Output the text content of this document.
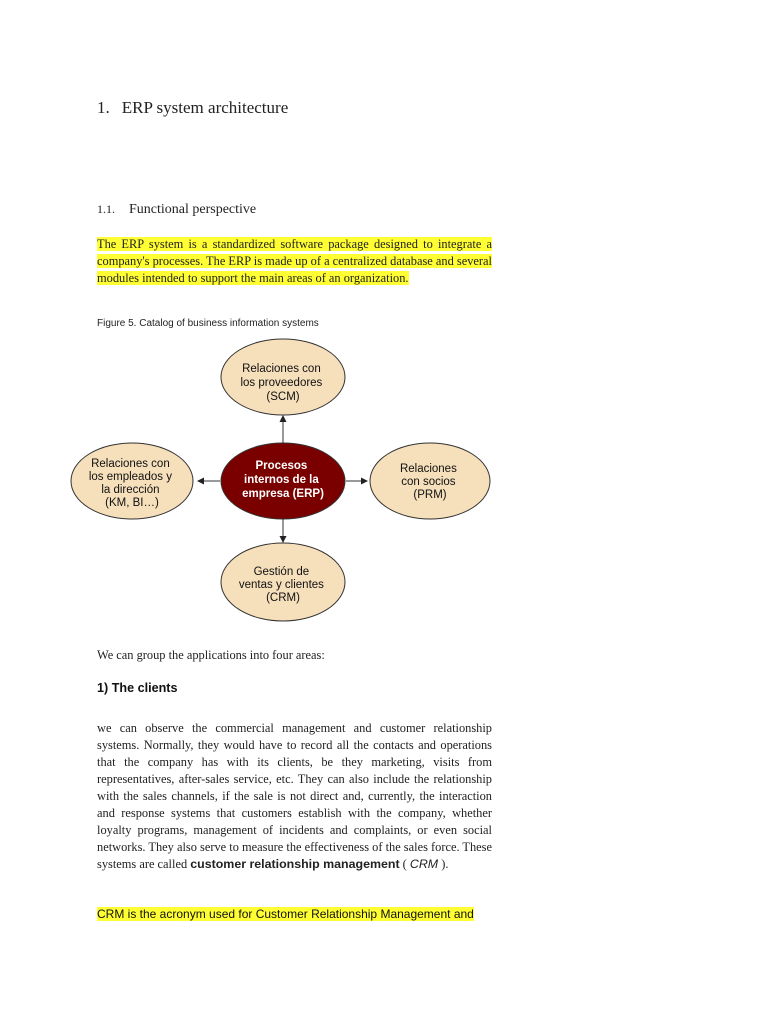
1. ERP system architecture
1.1. Functional perspective
The ERP system is a standardized software package designed to integrate a company's processes. The ERP is made up of a centralized database and several modules intended to support the main areas of an organization.
Figure 5. Catalog of business information systems
Relaciones con los proveedores (SCM)
Relaciones con los empleados y la dirección (KM, BI…)
Relaciones con socios (PRM)
Gestión de ventas y clientes (CRM)
Procesos internos de la empresa (ERP)
We can group the applications into four areas:
1) The clients
we can observe the commercial management and customer relationship systems. Normally, they would have to record all the contacts and operations that the company has with its clients, be they marketing, visits from representatives, after-sales service, etc. They can also include the relationship with the sales channels, if the sale is not direct and, currently, the interaction and response systems that customers establish with the company, whether loyalty programs, management of incidents and complaints, or even social networks. They also serve to measure the effectiveness of the sales force. These systems are called customer relationship management ( CRM ).
CRM is the acronym used for Customer Relationship Management and
